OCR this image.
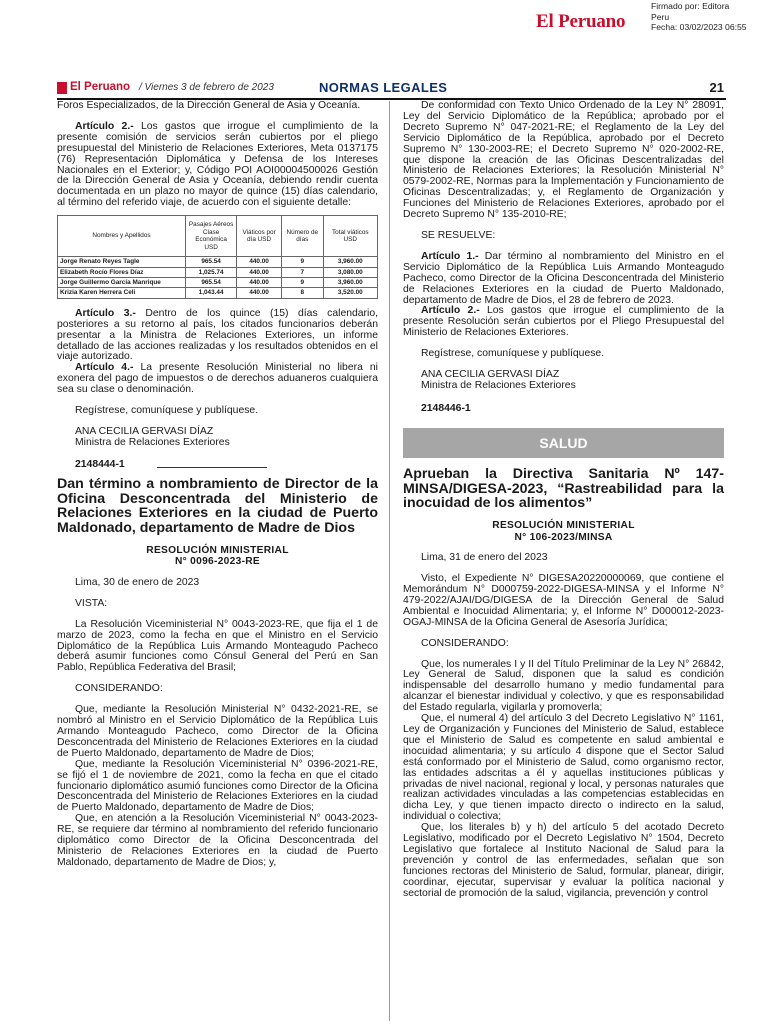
El Peruano
Firmado por: Editora
Peru
Fecha: 03/02/2023 06:55
El Peruano / Viernes 3 de febrero de 2023	NORMAS LEGALES	21

Foros Especializados, de la Dirección General de Asia y Oceanía.

Artículo 2.- Los gastos que irrogue el cumplimiento de la presente comisión de servicios serán cubiertos por el pliego presupuestal del Ministerio de Relaciones Exteriores, Meta 0137175 (76) Representación Diplomática y Defensa de los Intereses Nacionales en el Exterior; y, Código POI AOI00004500026 Gestión de la Dirección General de Asia y Oceanía, debiendo rendir cuenta documentada en un plazo no mayor de quince (15) días calendario, al término del referido viaje, de acuerdo con el siguiente detalle:

Nombres y Apellidos	Pasajes Aéreos Clase Económica USD	Viáticos por día USD	Número de días	Total viáticos USD
Jorge Renato Reyes Tagle	965.54	440.00	9	3,960.00
Elizabeth Rocío Flores Díaz	1,025.74	440.00	7	3,080.00
Jorge Guillermo García Manrique	965.54	440.00	9	3,960.00
Krizia Karen Herrera Celi	1,043.44	440.00	8	3,520.00

Artículo 3.- Dentro de los quince (15) días calendario, posteriores a su retorno al país, los citados funcionarios deberán presentar a la Ministra de Relaciones Exteriores, un informe detallado de las acciones realizadas y los resultados obtenidos en el viaje autorizado.

Artículo 4.- La presente Resolución Ministerial no libera ni exonera del pago de impuestos o de derechos aduaneros cualquiera sea su clase o denominación.

Regístrese, comuníquese y publíquese.

ANA CECILIA GERVASI DÍAZ
Ministra de Relaciones Exteriores
2148444-1
Dan término a nombramiento de Director de la Oficina Desconcentrada del Ministerio de Relaciones Exteriores en la ciudad de Puerto Maldonado, departamento de Madre de Dios
RESOLUCIÓN MINISTERIAL
N° 0096-2023-RE

Lima, 30 de enero de 2023

VISTA:

La Resolución Viceministerial N° 0043-2023-RE, que fija el 1 de marzo de 2023, como la fecha en que el Ministro en el Servicio Diplomático de la República Luis Armando Monteagudo Pacheco deberá asumir funciones como Cónsul General del Perú en San Pablo, República Federativa del Brasil;

CONSIDERANDO:

Que, mediante la Resolución Ministerial N° 0432-2021-RE, se nombró al Ministro en el Servicio Diplomático de la República Luis Armando Monteagudo Pacheco, como Director de la Oficina Desconcentrada del Ministerio de Relaciones Exteriores en la ciudad de Puerto Maldonado, departamento de Madre de Dios;

Que, mediante la Resolución Viceministerial N° 0396-2021-RE, se fijó el 1 de noviembre de 2021, como la fecha en que el citado funcionario diplomático asumió funciones como Director de la Oficina Desconcentrada del Ministerio de Relaciones Exteriores en la ciudad de Puerto Maldonado, departamento de Madre de Dios;

Que, en atención a la Resolución Viceministerial N° 0043-2023-RE, se requiere dar término al nombramiento del referido funcionario diplomático como Director de la Oficina Desconcentrada del Ministerio de Relaciones Exteriores en la ciudad de Puerto Maldonado, departamento de Madre de Dios; y,

De conformidad con Texto Único Ordenado de la Ley N° 28091, Ley del Servicio Diplomático de la República; aprobado por el Decreto Supremo N° 047-2021-RE; el Reglamento de la Ley del Servicio Diplomático de la República, aprobado por el Decreto Supremo N° 130-2003-RE; el Decreto Supremo N° 020-2002-RE, que dispone la creación de las Oficinas Descentralizadas del Ministerio de Relaciones Exteriores; la Resolución Ministerial N° 0579-2002-RE, Normas para la Implementación y Funcionamiento de Oficinas Descentralizadas; y, el Reglamento de Organización y Funciones del Ministerio de Relaciones Exteriores, aprobado por el Decreto Supremo N° 135-2010-RE;

SE RESUELVE:

Artículo 1.- Dar término al nombramiento del Ministro en el Servicio Diplomático de la República Luis Armando Monteagudo Pacheco, como Director de la Oficina Desconcentrada del Ministerio de Relaciones Exteriores en la ciudad de Puerto Maldonado, departamento de Madre de Dios, el 28 de febrero de 2023.

Artículo 2.- Los gastos que irrogue el cumplimiento de la presente Resolución serán cubiertos por el Pliego Presupuestal del Ministerio de Relaciones Exteriores.

Regístrese, comuníquese y publíquese.

ANA CECILIA GERVASI DÍAZ
Ministra de Relaciones Exteriores
2148446-1
SALUD
Aprueban la Directiva Sanitaria Nº 147-MINSA/DIGESA-2023, “Rastreabilidad para la inocuidad de los alimentos”
RESOLUCIÓN MINISTERIAL
N° 106-2023/MINSA

Lima, 31 de enero del 2023

Visto, el Expediente N° DIGESA20220000069, que contiene el Memorándum N° D000759-2022-DIGESA-MINSA y el Informe N° 479-2022/AJAI/DG/DIGESA de la Dirección General de Salud Ambiental e Inocuidad Alimentaria; y, el Informe N° D000012-2023-OGAJ-MINSA de la Oficina General de Asesoría Jurídica;

CONSIDERANDO:

Que, los numerales I y II del Título Preliminar de la Ley N° 26842, Ley General de Salud, disponen que la salud es condición indispensable del desarrollo humano y medio fundamental para alcanzar el bienestar individual y colectivo, y que es responsabilidad del Estado regularla, vigilarla y promoverla;

Que, el numeral 4) del artículo 3 del Decreto Legislativo N° 1161, Ley de Organización y Funciones del Ministerio de Salud, establece que el Ministerio de Salud es competente en salud ambiental e inocuidad alimentaria; y su artículo 4 dispone que el Sector Salud está conformado por el Ministerio de Salud, como organismo rector, las entidades adscritas a él y aquellas instituciones públicas y privadas de nivel nacional, regional y local, y personas naturales que realizan actividades vinculadas a las competencias establecidas en dicha Ley, y que tienen impacto directo o indirecto en la salud, individual o colectiva;

Que, los literales b) y h) del artículo 5 del acotado Decreto Legislativo, modificado por el Decreto Legislativo N° 1504, Decreto Legislativo que fortalece al Instituto Nacional de Salud para la prevención y control de las enfermedades, señalan que son funciones rectoras del Ministerio de Salud, formular, planear, dirigir, coordinar, ejecutar, supervisar y evaluar la política nacional y sectorial de promoción de la salud, vigilancia, prevención y control
